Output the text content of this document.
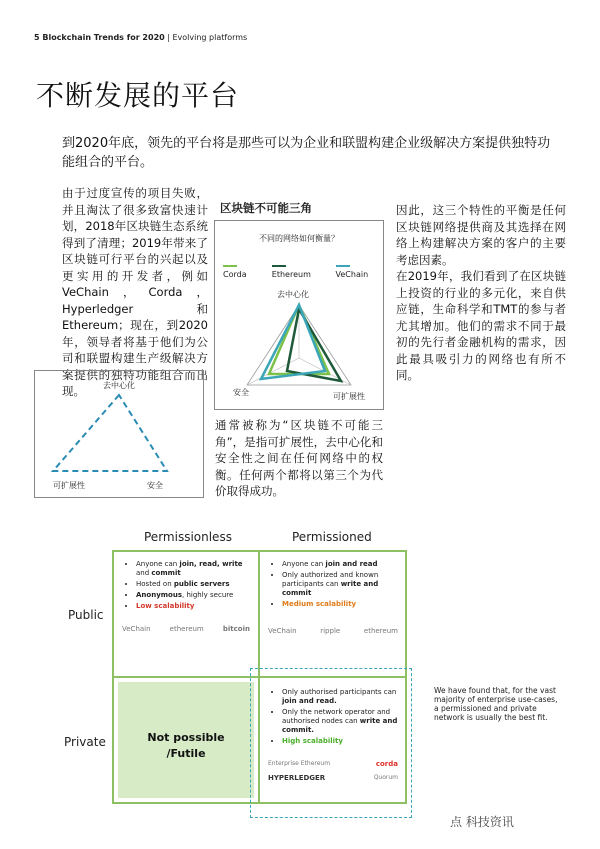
5 Blockchain Trends for 2020 | Evolving platforms
不断发展的平台
到2020年底，领先的平台将是那些可以为企业和联盟构建企业级解决方案提供独特功能组合的平台。
由于过度宣传的项目失败，并且淘汰了很多致富快速计划，2018年区块链生态系统得到了清理；2019年带来了区块链可行平台的兴起以及更实用的开发者，例如VeChain，Corda，Hyperledger和Ethereum；现在，到2020年，领导者将基于他们为公司和联盟构建生产级解决方案提供的独特功能组合而出现。	去中心化
可扩展性	安全
区块链不可能三角
不同的网络如何衡量？
Corda	Ethereum	VeChain
去中心化
安全	可扩展性
通常被称为“区块链不可能三角”，是指可扩展性，去中心化和安全性之间在任何网络中的权衡。任何两个都将以第三个为代价取得成功。
因此，这三个特性的平衡是任何区块链网络提供商及其选择在网络上构建解决方案的客户的主要考虑因素。
在2019年，我们看到了在区块链上投资的行业的多元化，来自供应链，生命科学和TMT的参与者尤其增加。他们的需求不同于最初的先行者金融机构的需求，因此最具吸引力的网络也有所不同。
Permissionless	Permissioned
Public
Private
• Anyone can join, read, write and commit
• Hosted on public servers
• Anonymous, highly secure
• Low scalability
VeChain	ethereum	bitcoin
• Anyone can join and read
• Only authorized and known participants can write and commit
• Medium scalability
VeChain	ripple	ethereum
Not possible
/Futile
• Only authorised participants can join and read.
• Only the network operator and authorised nodes can write and commit.
• High scalability
Enterprise Ethereum	corda
HYPERLEDGER	Quorum
We have found that, for the vast majority of enterprise use-cases, a permissioned and private network is usually the best fit.
点 科技资讯
